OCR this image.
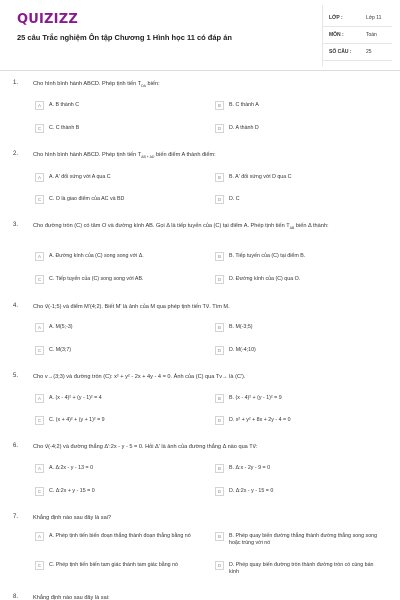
QUIZIZZ
25 câu Trắc nghiệm Ôn tập Chương 1 Hình học 11 có đáp án
LỚP :	Lớp 11
MÔN :	Toán
SỐ CÂU :	25
1.	Cho hình bình hành ABCD. Phép tịnh tiến $T_{DA}$ biến:
A	A. B thành C	B	B. C thành A
C	C. C thành B	D	D. A thành D
2.	Cho hình bình hành ABCD. Phép tịnh tiến $T_{AB + AD}$ biến điểm A thành điểm:
A	A. A' đối xứng với A qua C	B	B. A' đối xứng với D qua C
C	C. O là giao điểm của AC và BD	D	D. C
3.	Cho đường tròn (C) có tâm O và đường kính AB. Gọi Δ là tiếp tuyến của (C) tại điểm A. Phép tịnh tiến $T_{AB}$ biến Δ thành:
A	A. Đường kính của (C) song song với Δ.	B	B. Tiếp tuyến của (C) tại điểm B.
C	C. Tiếp tuyến của (C) song song với AB.	D	D. Đường kính của (C) qua O.
4.	Cho v⃗(-1;5) và điểm M'(4;2). Biết M' là ảnh của M qua phép tịnh tiến Tv⃗. Tìm M.
A	A. M(5;-3)	B	B. M(-3;5)
C	C. M(3;7)	D	D. M(-4;10)
5.	Cho v→(3;3) và đường tròn (C): x² + y² - 2x + 4y - 4 = 0. Ảnh của (C) qua Tv→ là (C').
A	A. (x - 4)² + (y - 1)² = 4	B	B. (x - 4)² + (y - 1)² = 9
C	C. (x + 4)² + (y + 1)² = 9	D	D. x² + y² + 8x + 2y - 4 = 0
6.	Cho v⃗(-4;2) và đường thẳng Δ':2x - y - 5 = 0. Hỏi Δ' là ảnh của đường thẳng Δ nào qua Tv⃗:
A	A. Δ:2x - y - 13 = 0	B	B. Δ:x - 2y - 9 = 0
C	C. Δ:2x + y - 15 = 0	D	D. Δ:2x - y - 15 = 0
7.	Khẳng định nào sau đây là sai?
A	A. Phép tịnh tiến biến đoạn thẳng thành đoạn thẳng bằng nó	B	B. Phép quay biến đường thẳng thành đường thẳng song song hoặc trùng với nó
C	C. Phép tịnh tiến biến tam giác thành tam giác bằng nó	D	D. Phép quay biến đường tròn thành đường tròn có cùng bán kính
8.	Khẳng định nào sau đây là sai:
